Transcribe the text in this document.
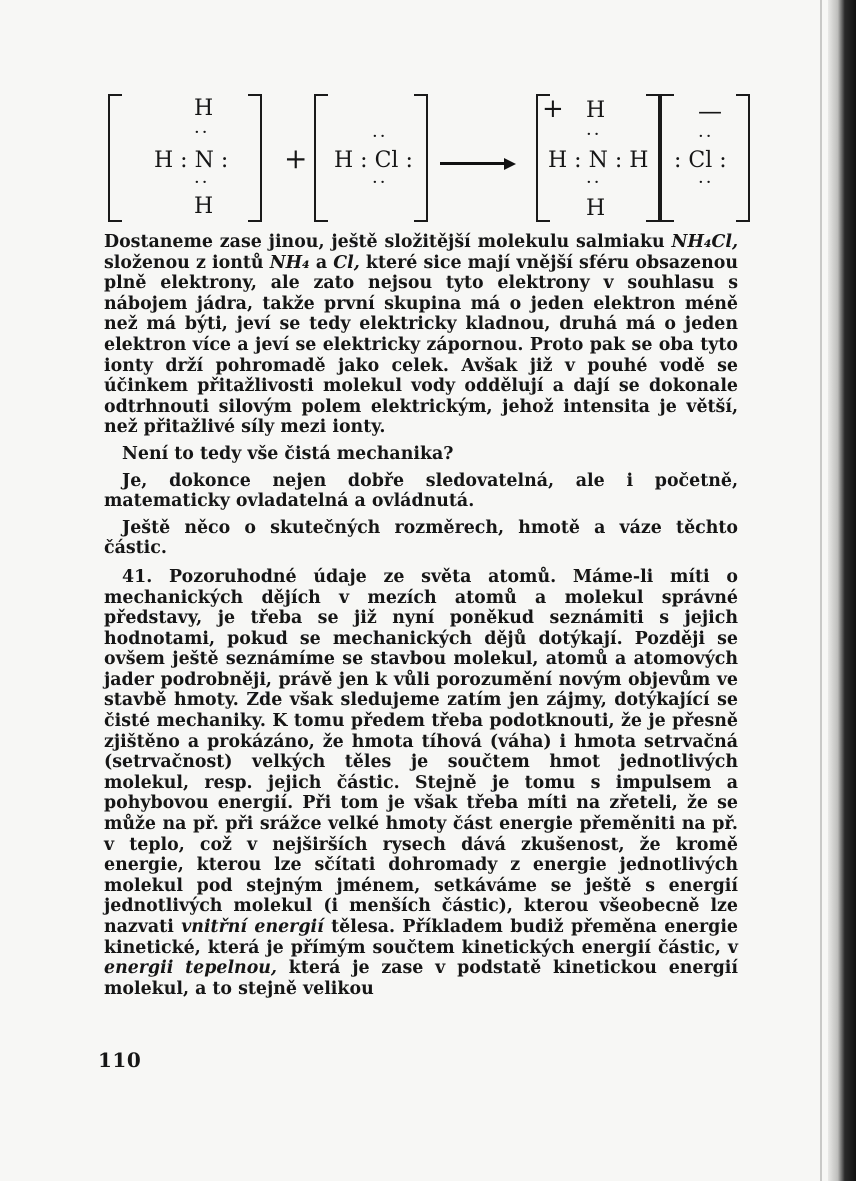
H
··
H : N :
··
H
+
··
H : Cl :
··
+ H
··
H : N : H
··
H
—
··
: Cl :
··

Dostaneme zase jinou, ještě složitější molekulu salmiaku NH₄Cl, složenou z iontů NH₄ a Cl, které sice mají vnější sféru obsazenou plně elektrony, ale zato nejsou tyto elektrony v souhlasu s nábojem jádra, takže první skupina má o jeden elektron méně než má býti, jeví se tedy elektricky kladnou, druhá má o jeden elektron více a jeví se elektricky zápornou. Proto pak se oba tyto ionty drží pohromadě jako celek. Avšak již v pouhé vodě se účinkem přitažlivosti molekul vody oddělují a dají se dokonale odtrhnouti silovým polem elektrickým, jehož intensita je větší, než přitažlivé síly mezi ionty.

Není to tedy vše čistá mechanika?

Je, dokonce nejen dobře sledovatelná, ale i početně, matematicky ovladatelná a ovládnutá.

Ještě něco o skutečných rozměrech, hmotě a váze těchto částic.

41. Pozoruhodné údaje ze světa atomů. Máme-li míti o mechanických dějích v mezích atomů a molekul správné představy, je třeba se již nyní poněkud seznámiti s jejich hodnotami, pokud se mechanických dějů dotýkají. Později se ovšem ještě seznámíme se stavbou molekul, atomů a atomových jader podrobněji, právě jen k vůli porozumění novým objevům ve stavbě hmoty. Zde však sledujeme zatím jen zájmy, dotýkající se čisté mechaniky. K tomu předem třeba podotknouti, že je přesně zjištěno a prokázáno, že hmota tíhová (váha) i hmota setrvačná (setrvačnost) velkých těles je součtem hmot jednotlivých molekul, resp. jejich částic. Stejně je tomu s impulsem a pohybovou energií. Při tom je však třeba míti na zřeteli, že se může na př. při srážce velké hmoty část energie přeměniti na př. v teplo, což v nejširších rysech dává zkušenost, že kromě energie, kterou lze sčítati dohromady z energie jednotlivých molekul pod stejným jménem, setkáváme se ještě s energií jednotlivých molekul (i menších částic), kterou všeobecně lze nazvati vnitřní energií tělesa. Příkladem budiž přeměna energie kinetické, která je přímým součtem kinetických energií částic, v energii tepelnou, která je zase v podstatě kinetickou energií molekul, a to stejně velikou

110
